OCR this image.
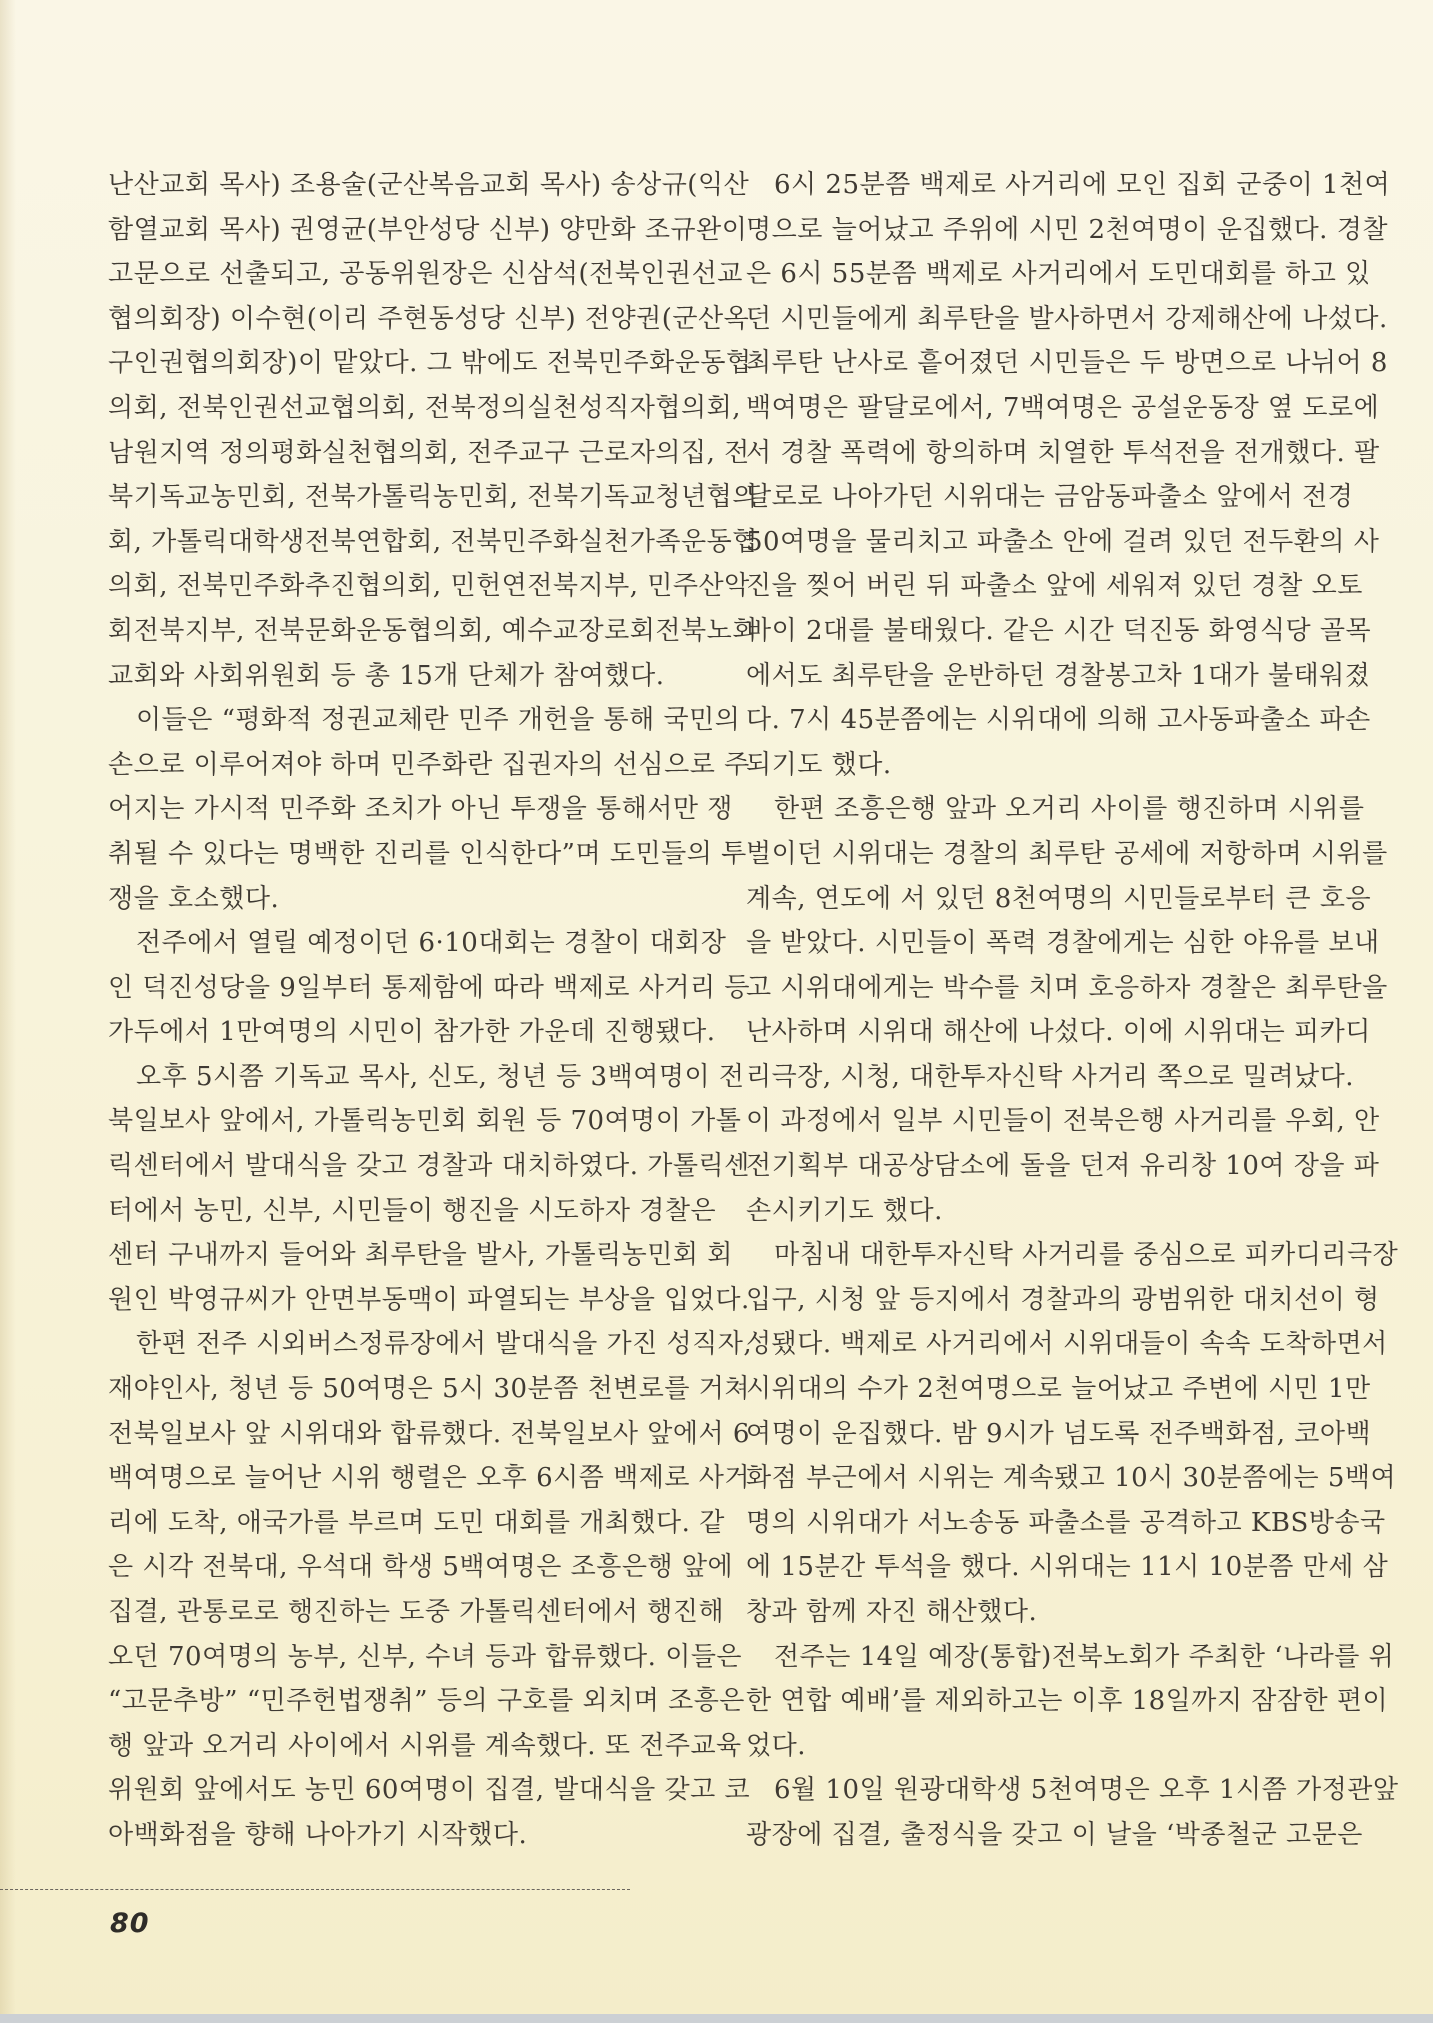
난산교회 목사) 조용술(군산복음교회 목사) 송상규(익산
함열교회 목사) 권영균(부안성당 신부) 양만화 조규완이
고문으로 선출되고, 공동위원장은 신삼석(전북인권선교
협의회장) 이수현(이리 주현동성당 신부) 전양권(군산옥
구인권협의회장)이 맡았다. 그 밖에도 전북민주화운동협
의회, 전북인권선교협의회, 전북정의실천성직자협의회,
남원지역 정의평화실천협의회, 전주교구 근로자의집, 전
북기독교농민회, 전북가톨릭농민회, 전북기독교청년협의
회, 가톨릭대학생전북연합회, 전북민주화실천가족운동협
의회, 전북민주화추진협의회, 민헌연전북지부, 민주산악
회전북지부, 전북문화운동협의회, 예수교장로회전북노회
교회와 사회위원회 등 총 15개 단체가 참여했다.
이들은 “평화적 정권교체란 민주 개헌을 통해 국민의
손으로 이루어져야 하며 민주화란 집권자의 선심으로 주
어지는 가시적 민주화 조치가 아닌 투쟁을 통해서만 쟁
취될 수 있다는 명백한 진리를 인식한다”며 도민들의 투
쟁을 호소했다.
전주에서 열릴 예정이던 6·10대회는 경찰이 대회장
인 덕진성당을 9일부터 통제함에 따라 백제로 사거리 등
가두에서 1만여명의 시민이 참가한 가운데 진행됐다.
오후 5시쯤 기독교 목사, 신도, 청년 등 3백여명이 전
북일보사 앞에서, 가톨릭농민회 회원 등 70여명이 가톨
릭센터에서 발대식을 갖고 경찰과 대치하였다. 가톨릭센
터에서 농민, 신부, 시민들이 행진을 시도하자 경찰은
센터 구내까지 들어와 최루탄을 발사, 가톨릭농민회 회
원인 박영규씨가 안면부동맥이 파열되는 부상을 입었다.
한편 전주 시외버스정류장에서 발대식을 가진 성직자,
재야인사, 청년 등 50여명은 5시 30분쯤 천변로를 거쳐
전북일보사 앞 시위대와 합류했다. 전북일보사 앞에서 6
백여명으로 늘어난 시위 행렬은 오후 6시쯤 백제로 사거
리에 도착, 애국가를 부르며 도민 대회를 개최했다. 같
은 시각 전북대, 우석대 학생 5백여명은 조흥은행 앞에
집결, 관통로로 행진하는 도중 가톨릭센터에서 행진해
오던 70여명의 농부, 신부, 수녀 등과 합류했다. 이들은
“고문추방” “민주헌법쟁취” 등의 구호를 외치며 조흥은
행 앞과 오거리 사이에서 시위를 계속했다. 또 전주교육
위원회 앞에서도 농민 60여명이 집결, 발대식을 갖고 코
아백화점을 향해 나아가기 시작했다.
6시 25분쯤 백제로 사거리에 모인 집회 군중이 1천여
명으로 늘어났고 주위에 시민 2천여명이 운집했다. 경찰
은 6시 55분쯤 백제로 사거리에서 도민대회를 하고 있
던 시민들에게 최루탄을 발사하면서 강제해산에 나섰다.
최루탄 난사로 흩어졌던 시민들은 두 방면으로 나뉘어 8
백여명은 팔달로에서, 7백여명은 공설운동장 옆 도로에
서 경찰 폭력에 항의하며 치열한 투석전을 전개했다. 팔
달로로 나아가던 시위대는 금암동파출소 앞에서 전경
50여명을 물리치고 파출소 안에 걸려 있던 전두환의 사
진을 찢어 버린 뒤 파출소 앞에 세워져 있던 경찰 오토
바이 2대를 불태웠다. 같은 시간 덕진동 화영식당 골목
에서도 최루탄을 운반하던 경찰봉고차 1대가 불태워졌
다. 7시 45분쯤에는 시위대에 의해 고사동파출소 파손
되기도 했다.
한편 조흥은행 앞과 오거리 사이를 행진하며 시위를
벌이던 시위대는 경찰의 최루탄 공세에 저항하며 시위를
계속, 연도에 서 있던 8천여명의 시민들로부터 큰 호응
을 받았다. 시민들이 폭력 경찰에게는 심한 야유를 보내
고 시위대에게는 박수를 치며 호응하자 경찰은 최루탄을
난사하며 시위대 해산에 나섰다. 이에 시위대는 피카디
리극장, 시청, 대한투자신탁 사거리 쪽으로 밀려났다.
이 과정에서 일부 시민들이 전북은행 사거리를 우회, 안
전기획부 대공상담소에 돌을 던져 유리창 10여 장을 파
손시키기도 했다.
마침내 대한투자신탁 사거리를 중심으로 피카디리극장
입구, 시청 앞 등지에서 경찰과의 광범위한 대치선이 형
성됐다. 백제로 사거리에서 시위대들이 속속 도착하면서
시위대의 수가 2천여명으로 늘어났고 주변에 시민 1만
여명이 운집했다. 밤 9시가 넘도록 전주백화점, 코아백
화점 부근에서 시위는 계속됐고 10시 30분쯤에는 5백여
명의 시위대가 서노송동 파출소를 공격하고 KBS방송국
에 15분간 투석을 했다. 시위대는 11시 10분쯤 만세 삼
창과 함께 자진 해산했다.
전주는 14일 예장(통합)전북노회가 주최한 ‘나라를 위
한 연합 예배’를 제외하고는 이후 18일까지 잠잠한 편이
었다.
6월 10일 원광대학생 5천여명은 오후 1시쯤 가정관앞
광장에 집결, 출정식을 갖고 이 날을 ‘박종철군 고문은
80
